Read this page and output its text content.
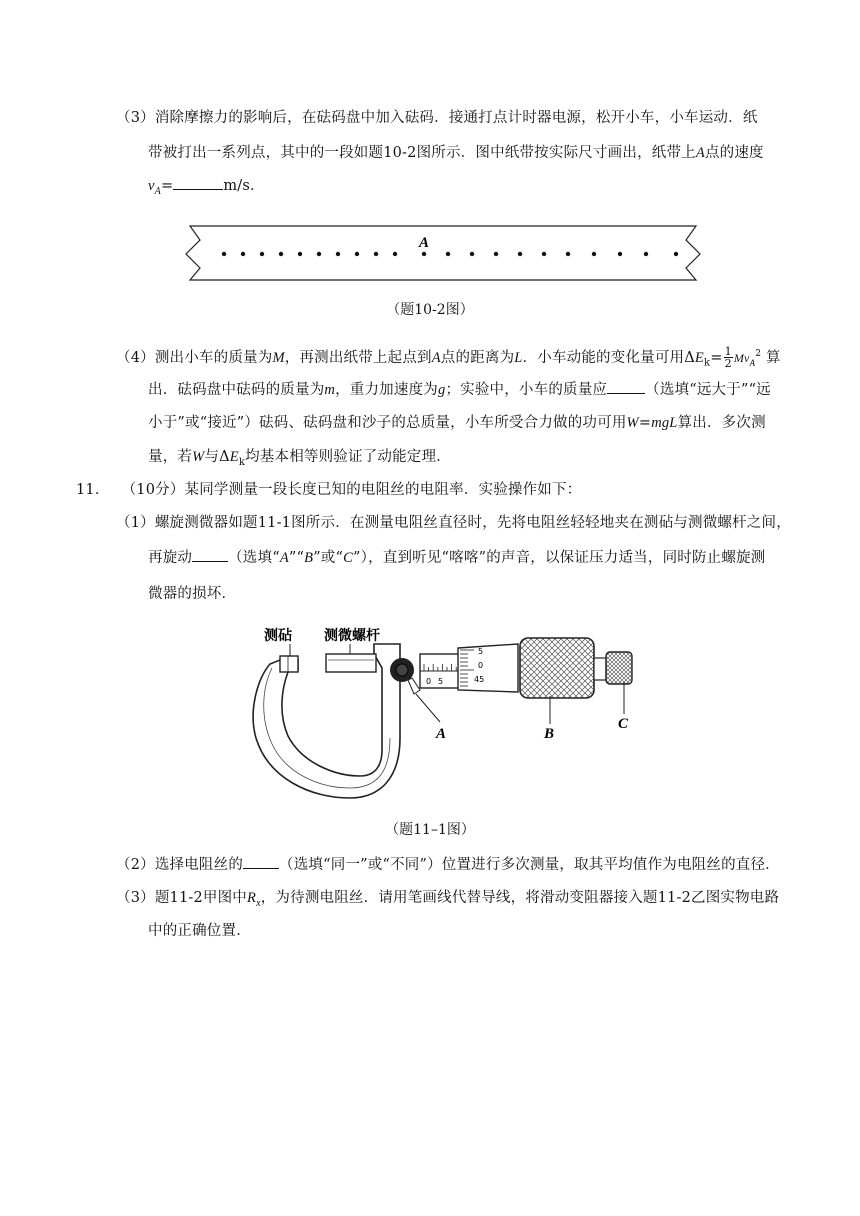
（3）消除摩擦力的影响后，在砝码盘中加入砝码．接通打点计时器电源，松开小车，小车运动．纸
带被打出一系列点，其中的一段如题10-2图所示．图中纸带按实际尺寸画出，纸带上A点的速度
$v_A=$	m/s．
A
（题10-2图）
（4）测出小车的质量为M，再测出纸带上起点到A点的距离为L．小车动能的变化量可用$\Delta E_k= \frac{1}{2} Mv_A^2$ 算
出．砝码盘中砝码的质量为m，重力加速度为g；实验中，小车的质量应	（选填“远大于”“远
小于”或“接近”）砝码、砝码盘和沙子的总质量，小车所受合力做的功可用W=mgL算出．多次测
量，若W与$\Delta E_k$均基本相等则验证了动能定理．
11． （10分）某同学测量一段长度已知的电阻丝的电阻率．实验操作如下：
（1）螺旋测微器如题11-1图所示．在测量电阻丝直径时，先将电阻丝轻轻地夹在测砧与测微螺杆之间，
再旋动 （选填“A”“B”或“C”），直到听见“喀喀”的声音，以保证压力适当，同时防止螺旋测
微器的损坏．
0 5
5
0
45
测砧 测微螺杆
A	B
C
（题11–1图）
（2）选择电阻丝的 （选填“同一”或“不同”）位置进行多次测量，取其平均值作为电阻丝的直径．
（3）题11-2甲图中$R_x$，为待测电阻丝．请用笔画线代替导线，将滑动变阻器接入题11-2乙图实物电路
中的正确位置．
